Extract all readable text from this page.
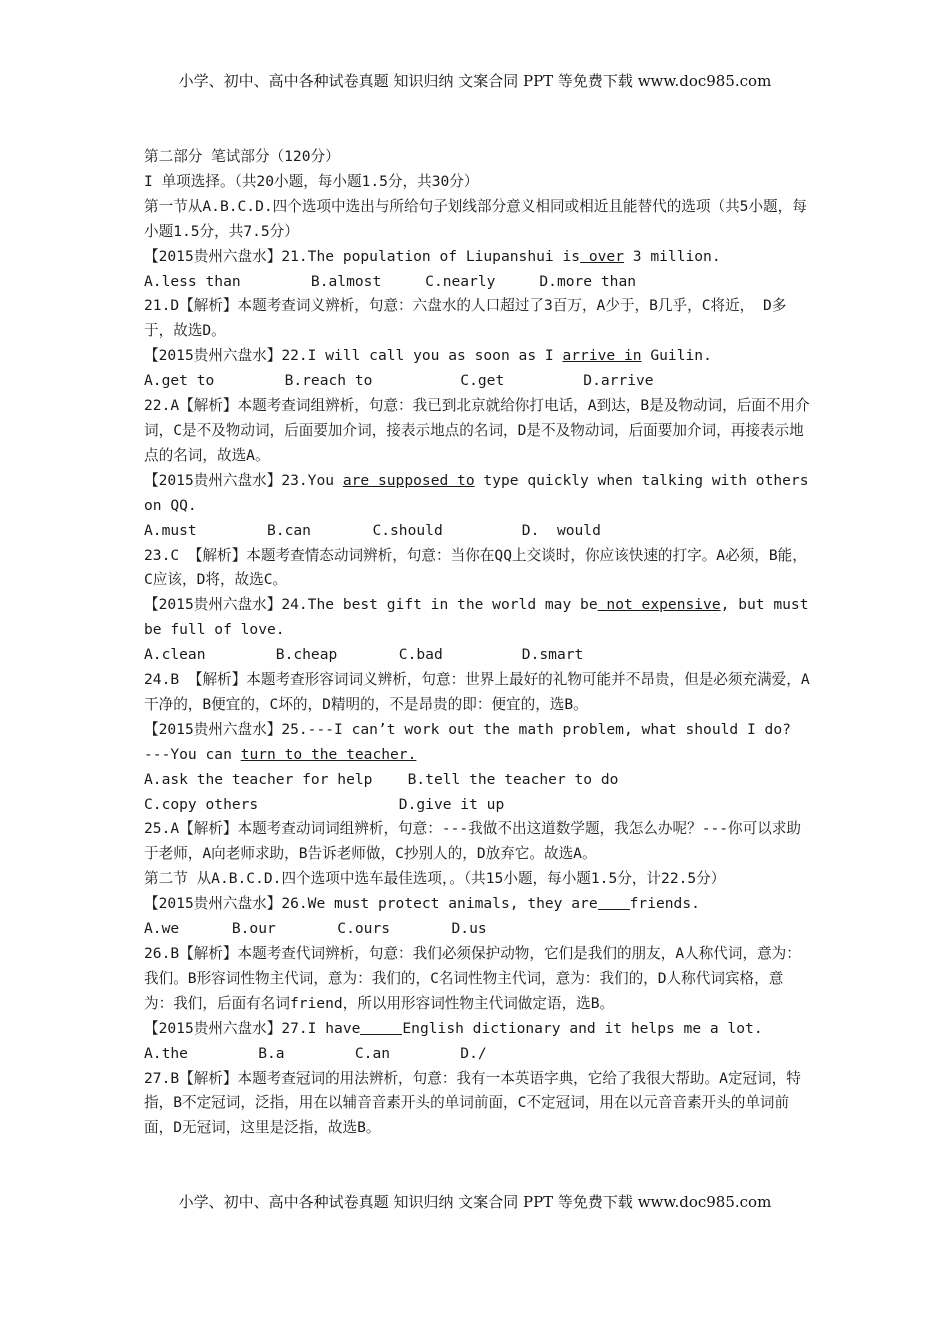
小学、初中、高中各种试卷真题 知识归纳 文案合同 PPT 等免费下载 www.doc985.com

第二部分 笔试部分（120分）

I 单项选择。（共20小题，每小题1.5分，共30分）

第一节从A.B.C.D.四个选项中选出与所给句子划线部分意义相同或相近且能替代的选项（共5小题，每小题1.5分，共7.5分）

【2015贵州六盘水】21.The population of Liupanshui is over 3 million.

A.less than        B.almost     C.nearly     D.more than

21.D【解析】本题考查词义辨析，句意：六盘水的人口超过了3百万，A少于，B几乎，C将近， D多于，故选D。

【2015贵州六盘水】22.I will call you as soon as I arrive in Guilin.

A.get to        B.reach to          C.get         D.arrive

22.A【解析】本题考查词组辨析，句意：我已到北京就给你打电话，A到达，B是及物动词，后面不用介词，C是不及物动词，后面要加介词，接表示地点的名词，D是不及物动词，后面要加介词，再接表示地点的名词，故选A。

【2015贵州六盘水】23.You are supposed to type quickly when talking with others on QQ.

A.must        B.can       C.should         D.  would

23.C 【解析】本题考查情态动词辨析，句意：当你在QQ上交谈时，你应该快速的打字。A必须，B能，C应该，D将，故选C。

【2015贵州六盘水】24.The best gift in the world may be not expensive, but must be full of love.

A.clean        B.cheap       C.bad         D.smart

24.B 【解析】本题考查形容词词义辨析，句意：世界上最好的礼物可能并不昂贵，但是必须充满爱，A干净的，B便宜的，C坏的，D精明的，不是昂贵的即：便宜的，选B。

【2015贵州六盘水】25.---I can’t work out the math problem, what should I do?

---You can turn to the teacher.

A.ask the teacher for help    B.tell the teacher to do

C.copy others                D.give it up

25.A【解析】本题考查动词词组辨析，句意：---我做不出这道数学题，我怎么办呢？---你可以求助于老师，A向老师求助，B告诉老师做，C抄别人的，D放弃它。故选A。

第二节 从A.B.C.D.四个选项中选车最佳选项，。（共15小题，每小题1.5分，计22.5分）

【2015贵州六盘水】26.We must protect animals, they are friends.

A.we      B.our       C.ours       D.us

26.B【解析】本题考查代词辨析，句意：我们必须保护动物，它们是我们的朋友，A人称代词，意为：我们。B形容词性物主代词，意为：我们的，C名词性物主代词，意为：我们的，D人称代词宾格，意为：我们，后面有名词friend，所以用形容词性物主代词做定语，选B。

【2015贵州六盘水】27.I have	English dictionary and it helps me a lot.

A.the        B.a        C.an        D./

27.B【解析】本题考查冠词的用法辨析，句意：我有一本英语字典，它给了我很大帮助。A定冠词，特指，B不定冠词，泛指，用在以辅音音素开头的单词前面，C不定冠词，用在以元音音素开头的单词前面，D无冠词，这里是泛指，故选B。

小学、初中、高中各种试卷真题 知识归纳 文案合同 PPT 等免费下载 www.doc985.com
